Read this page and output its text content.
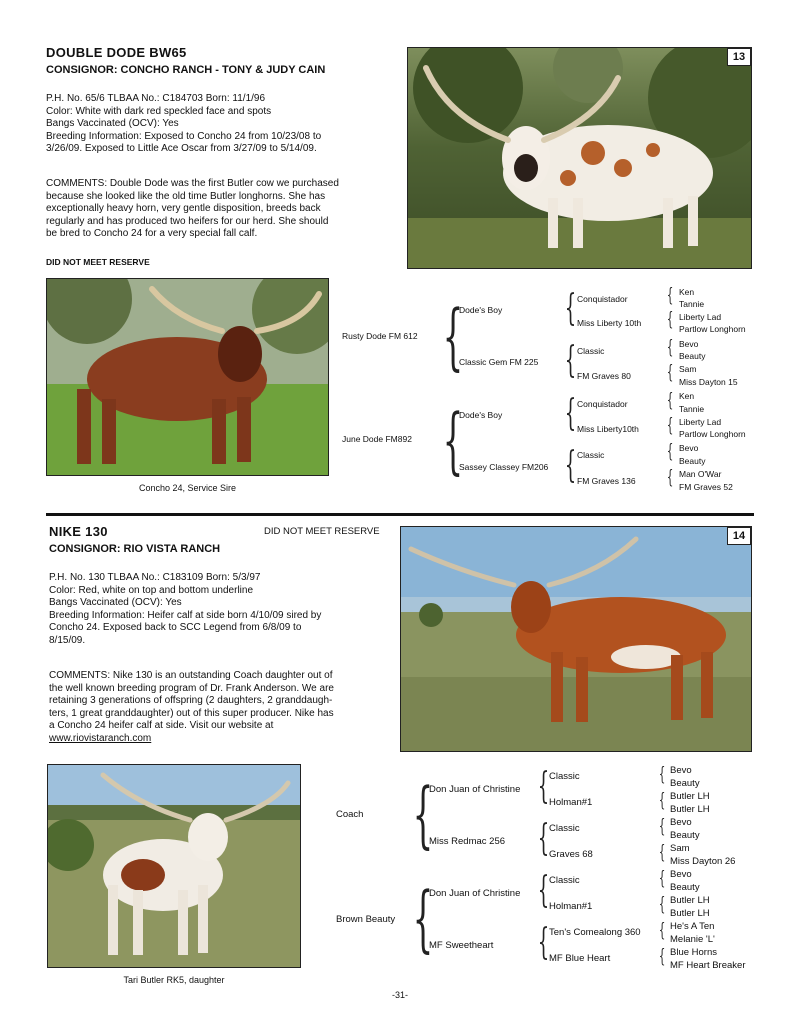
DOUBLE DODE BW65
CONSIGNOR: CONCHO RANCH - TONY & JUDY CAIN
P.H. No. 65/6 TLBAA No.: C184703 Born: 11/1/96
Color: White with dark red speckled face and spots
Bangs Vaccinated (OCV): Yes
Breeding Information: Exposed to Concho 24 from 10/23/08 to
3/26/09. Exposed to Little Ace Oscar from 3/27/09 to 5/14/09.
COMMENTS: Double Dode was the first Butler cow we purchased
because she looked like the old time Butler longhorns. She has
exceptionally heavy horn, very gentle disposition, breeds back
regularly and has produced two heifers for our herd. She should
be bred to Concho 24 for a very special fall calf.
DID NOT MEET RESERVE
13
Concho 24, Service Sire
Rusty Dode FM 612
June Dode FM892
{
{
Dode's Boy
Classic Gem FM 225
Dode's Boy
Sassey Classey FM206
{
{
{
{
Conquistador
Miss Liberty 10th
Classic
FM Graves 80
Conquistador
Miss Liberty10th
Classic
FM Graves 136
{
{
{
{
{
{
{
{
Ken
Tannie
Liberty Lad
Partlow Longhorn
Bevo
Beauty
Sam
Miss Dayton 15
Ken
Tannie
Liberty Lad
Partlow Longhorn
Bevo
Beauty
Man O'War
FM Graves 52
NIKE 130	DID NOT MEET RESERVE
CONSIGNOR: RIO VISTA RANCH
P.H. No. 130 TLBAA No.: C183109 Born: 5/3/97
Color: Red, white on top and bottom underline
Bangs Vaccinated (OCV): Yes
Breeding Information: Heifer calf at side born 4/10/09 sired by
Concho 24. Exposed back to SCC Legend from 6/8/09 to
8/15/09.
COMMENTS: Nike 130 is an outstanding Coach daughter out of
the well known breeding program of Dr. Frank Anderson. We are
retaining 3 generations of offspring (2 daughters, 2 granddaugh-
ters, 1 great granddaughter) out of this super producer. Nike has
a Concho 24 heifer calf at side. Visit our website at
www.riovistaranch.com
14
Tari Butler RK5, daughter
Coach
Brown Beauty
{
{
Don Juan of Christine
Miss Redmac 256
Don Juan of Christine
MF Sweetheart
{
{
{
{
Classic
Holman#1
Classic
Graves 68
Classic
Holman#1
Ten's Comealong 360
MF Blue Heart
{
{
{
{
{
{
{
{
Bevo
Beauty
Butler LH
Butler LH
Bevo
Beauty
Sam
Miss Dayton 26
Bevo
Beauty
Butler LH
Butler LH
He's A Ten
Melanie 'L'
Blue Horns
MF Heart Breaker
-31-
